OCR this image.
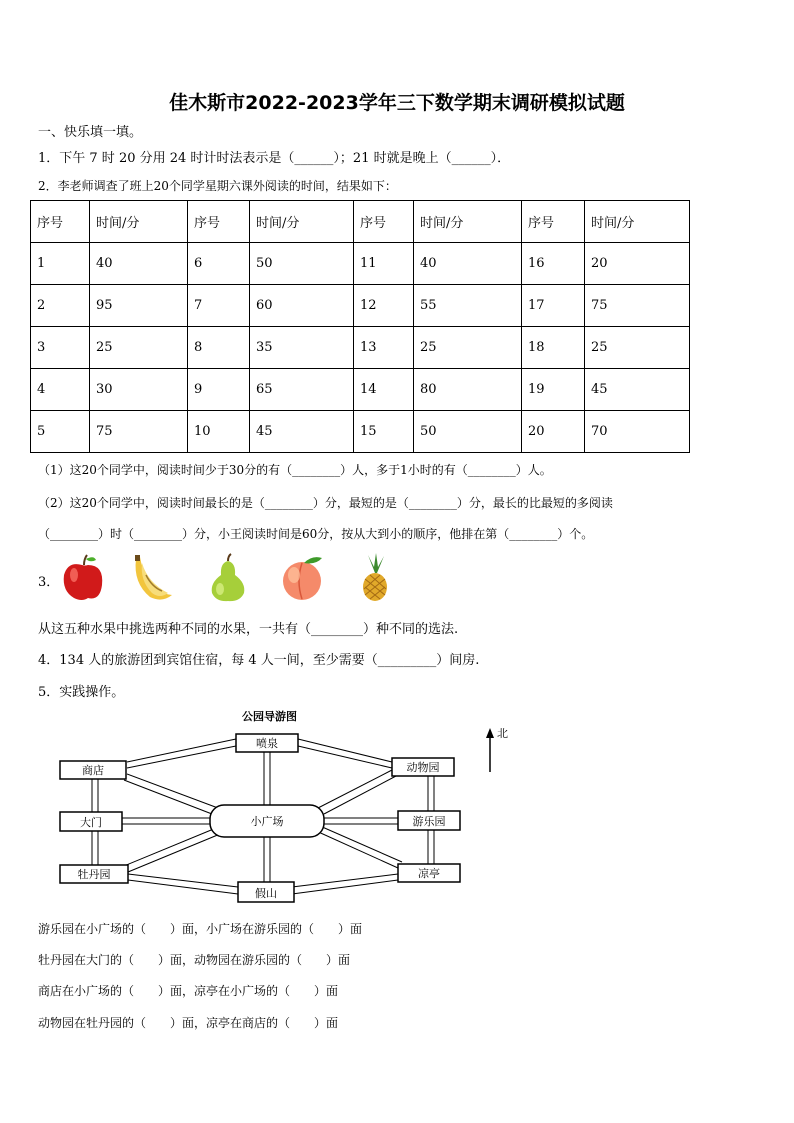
佳木斯市2022-2023学年三下数学期末调研模拟试题
一、快乐填一填。
1．下午 7 时 20 分用 24 时计时法表示是（______）；21 时就是晚上（______）．
2．李老师调查了班上20个同学星期六课外阅读的时间，结果如下：
序号	时间/分	序号	时间/分	序号	时间/分	序号	时间/分
1	40	6	50	11	40	16	20
2	95	7	60	12	55	17	75
3	25	8	35	13	25	18	25
4	30	9	65	14	80	19	45
5	75	10	45	15	50	20	70
（1）这20个同学中，阅读时间少于30分的有（________）人，多于1小时的有（________）人。
（2）这20个同学中，阅读时间最长的是（________）分，最短的是（________）分，最长的比最短的多阅读
（________）时（________）分，小王阅读时间是60分，按从大到小的顺序，他排在第（________）个。
3．
从这五种水果中挑选两种不同的水果，一共有（________）种不同的选法.
4．134 人的旅游团到宾馆住宿，每 4 人一间，至少需要（_________）间房.
5．实践操作。
公园导游图
北
喷泉
商店	动物园
大门	小广场	游乐园
牡丹园
假山
凉亭
游乐园在小广场的（　　）面，小广场在游乐园的（　　）面
牡丹园在大门的（　　）面，动物园在游乐园的（　　）面
商店在小广场的（　　）面，凉亭在小广场的（　　）面
动物园在牡丹园的（　　）面，凉亭在商店的（　　）面
